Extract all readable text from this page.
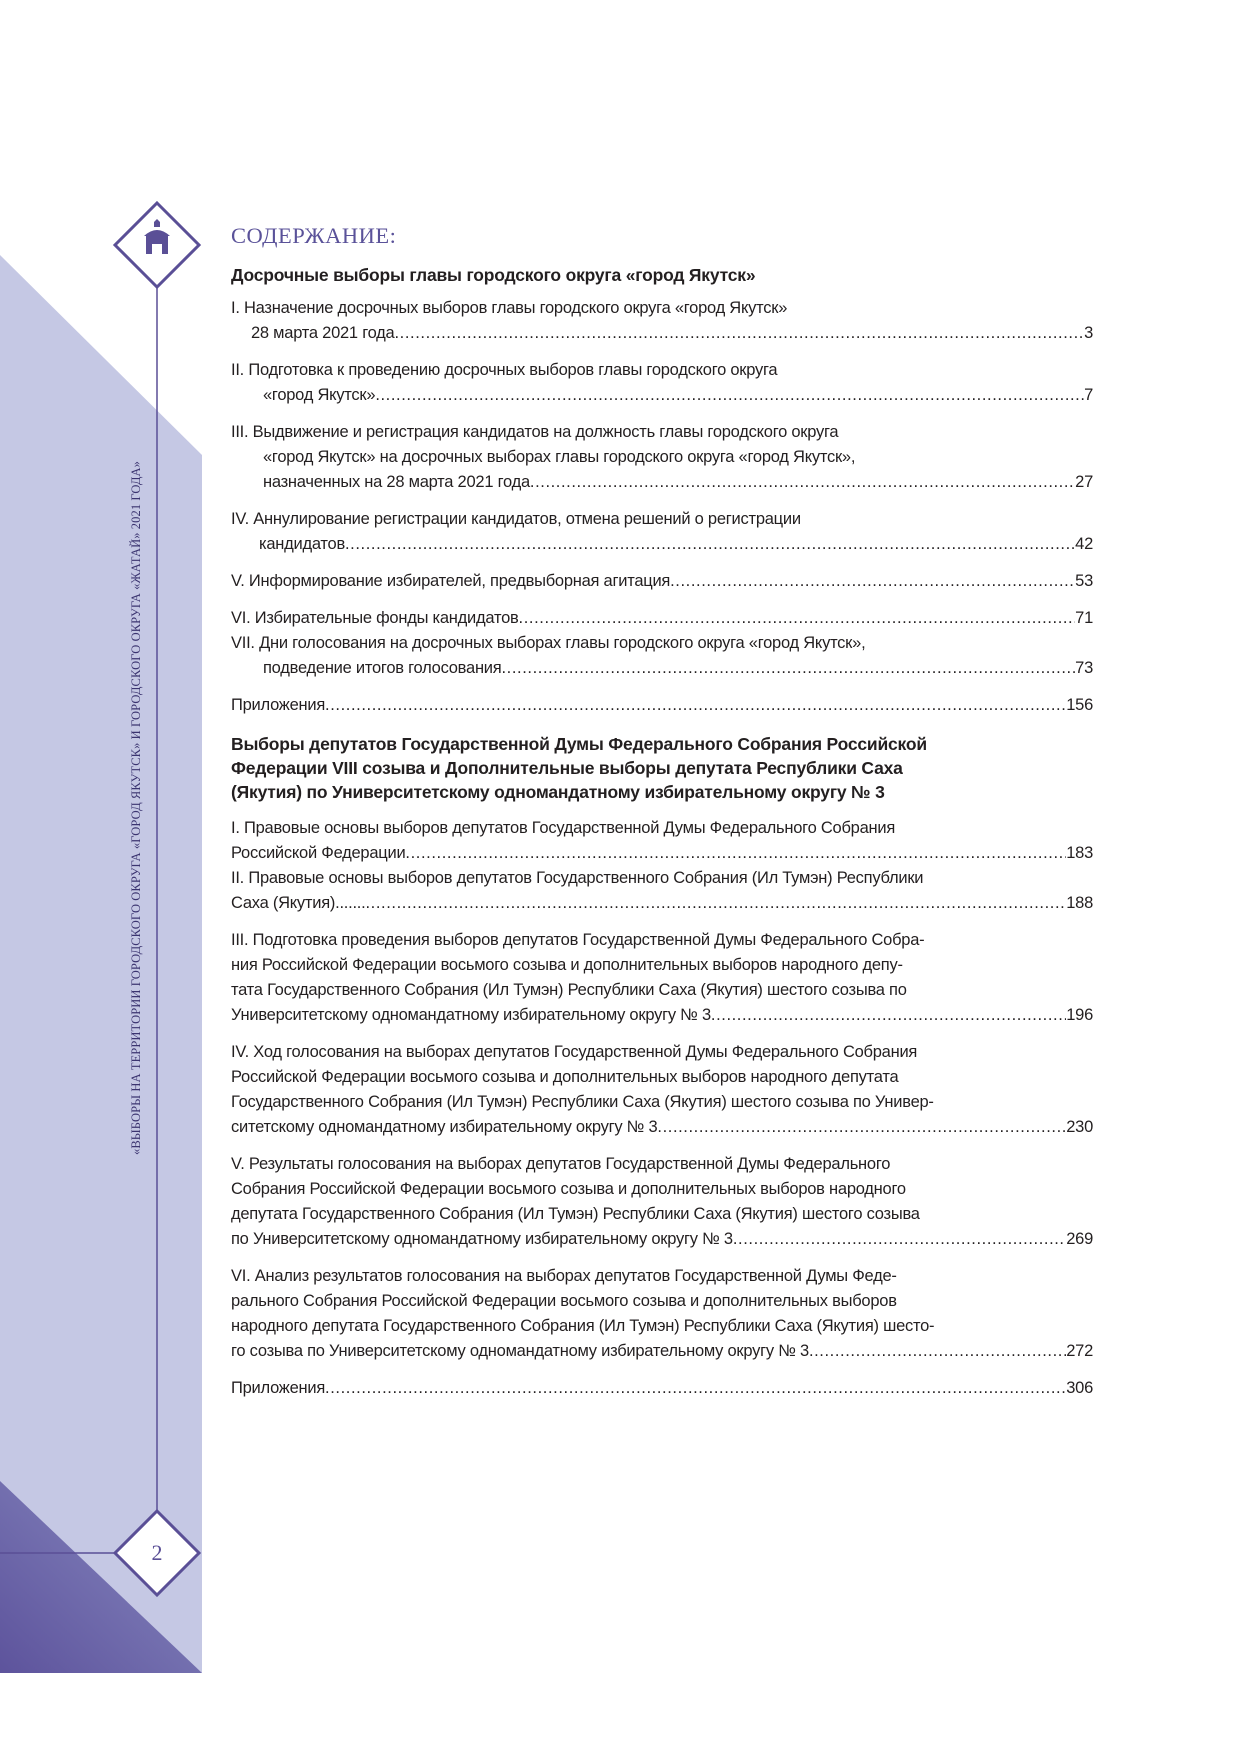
«ВЫБОРЫ НА ТЕРРИТОРИИ ГОРОДСКОГО ОКРУГА «ГОРОД ЯКУТСК» И ГОРОДСКОГО ОКРУГА «ЖАТАЙ» 2021 ГОДА»
2
СОДЕРЖАНИЕ:
Досрочные выборы главы городского округа «город Якутск»
I. Назначение досрочных выборов главы городского округа «город Якутск»
28 марта 2021 года .....	3
II. Подготовка к проведению досрочных выборов главы городского округа
«город Якутск» .....	7
III. Выдвижение и регистрация кандидатов на должность главы городского округа
«город Якутск» на досрочных выборах главы городского округа «город Якутск»,
назначенных на 28 марта 2021 года .....	27
IV. Аннулирование регистрации кандидатов, отмена решений о регистрации
кандидатов .....	42
V. Информирование избирателей, предвыборная агитация .....	53
VI. Избирательные фонды кандидатов .....	71
VII. Дни голосования на досрочных выборах главы городского округа «город Якутск»,
подведение итогов голосования .....	73
Приложения .....	156
Выборы депутатов Государственной Думы Федерального Собрания Российской
Федерации VIII созыва и Дополнительные выборы депутата Республики Саха
(Якутия) по Университетскому одномандатному избирательному округу № 3
I. Правовые основы выборов депутатов Государственной Думы Федерального Собрания
Российской Федерации .....	183
II. Правовые основы выборов депутатов Государственного Собрания (Ил Тумэн) Республики
Саха (Якутия)....... .....	188
III. Подготовка проведения выборов депутатов Государственной Думы Федерального Собра-
ния Российской Федерации восьмого созыва и дополнительных выборов народного депу-
тата Государственного Собрания (Ил Тумэн) Республики Саха (Якутия) шестого созыва по
Университетскому одномандатному избирательному округу № 3 .....	196
IV. Ход голосования на выборах депутатов Государственной Думы Федерального Собрания
Российской Федерации восьмого созыва и дополнительных выборов народного депутата
Государственного Собрания (Ил Тумэн) Республики Саха (Якутия) шестого созыва по Универ-
ситетскому одномандатному избирательному округу № 3 .....	230
V. Результаты голосования на выборах депутатов Государственной Думы Федерального
Собрания Российской Федерации восьмого созыва и дополнительных выборов народного
депутата Государственного Собрания (Ил Тумэн) Республики Саха (Якутия) шестого созыва
по Университетскому одномандатному избирательному округу № 3 .....	269
VI. Анализ результатов голосования на выборах депутатов Государственной Думы Феде-
рального Собрания Российской Федерации восьмого созыва и дополнительных выборов
народного депутата Государственного Собрания (Ил Тумэн) Республики Саха (Якутия) шесто-
го созыва по Университетскому одномандатному избирательному округу № 3 .....	272
Приложения .....	306
